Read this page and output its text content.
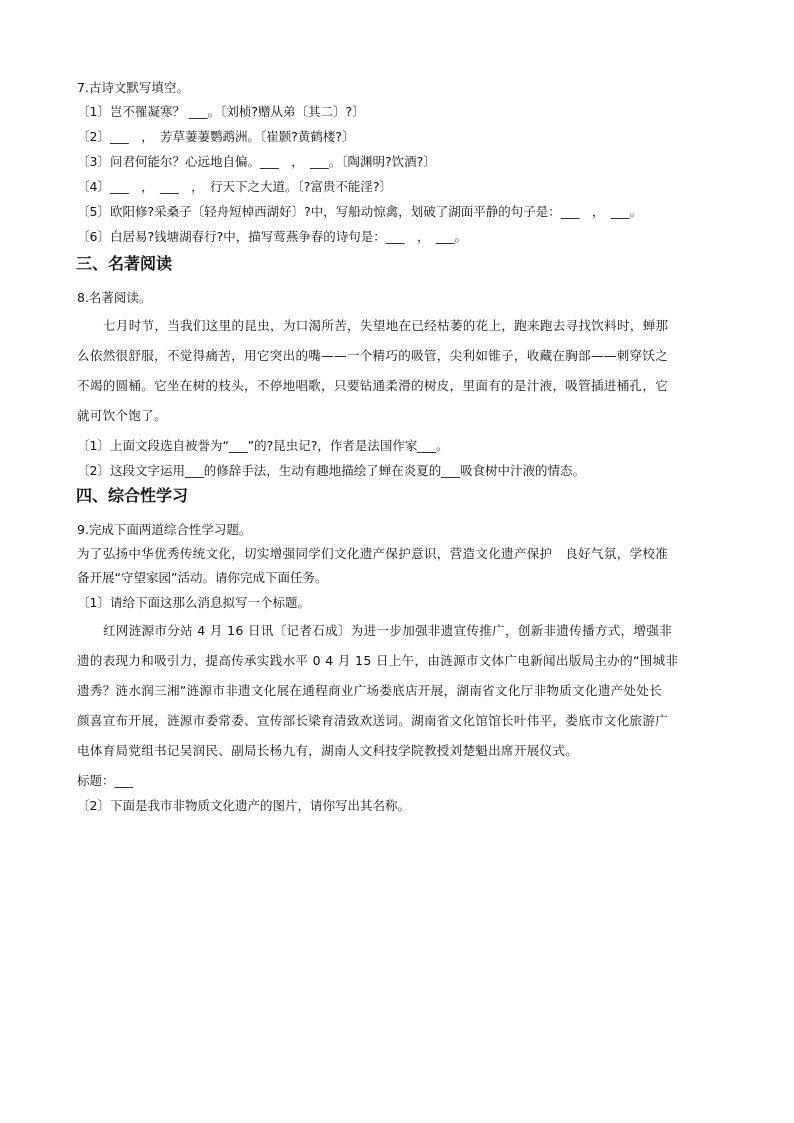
7.古诗文默写填空。
〔1〕岂不罹凝寒？ ___。〔刘桢?赠从弟〔其二〕?〕
〔2〕___　，　芳草萋萋鹦鹉洲。〔崔颢?黄鹤楼?〕
〔3〕问君何能尔？心远地自偏。___　，　___。〔陶渊明?饮酒?〕
〔4〕___　，　___　，　行天下之大道。〔?富贵不能淫?〕
〔5〕欧阳修?采桑子〔轻舟短棹西湖好〕?中，写船动惊禽，划破了湖面平静的句子是：___　，　___。
〔6〕白居易?钱塘湖春行?中，描写莺燕争春的诗句是：___　，　___。
三、名著阅读
8.名著阅读。
七月时节，当我们这里的昆虫，为口渴所苦，失望地在已经枯萎的花上，跑来跑去寻找饮料时，蝉那
么依然很舒服，不觉得痛苦，用它突出的嘴——一个精巧的吸管，尖利如锥子，收藏在胸部——刺穿饫之
不竭的圆桶。它坐在树的枝头，不停地唱歌，只要钻通柔滑的树皮，里面有的是汁液，吸管插进桶孔，它
就可饮个饱了。
〔1〕上面文段选自被誉为“___”的?昆虫记?，作者是法国作家___。
〔2〕这段文字运用___的修辞手法，生动有趣地描绘了蝉在炎夏的___吸食树中汁液的情态。
四、综合性学习
9.完成下面两道综合性学习题。
为了弘扬中华优秀传统文化，切实增强同学们文化遗产保护意识，营造文化遗产保护　良好气氛，学校准
备开展“守望家园”活动。请你完成下面任务。
〔1〕请给下面这那么消息拟写一个标题。
红网涟源市分站 4 月 16 日讯〔记者石成〕为进一步加强非遗宣传推广，创新非遗传播方式，增强非
遗的表现力和吸引力，提高传承实践水平 0 4 月 15 日上午，由涟源市文体广电新闻出版局主办的“围城非
遗秀？涟水润三湘”涟源市非遗文化展在通程商业广场娄底店开展，湖南省文化厅非物质文化遗产处处长
颜喜宣布开展，涟源市委常委、宣传部长梁育清致欢送词。湖南省文化馆馆长叶伟平，娄底市文化旅游广
电体育局党组书记吴润民、副局长杨九有，湖南人文科技学院教授刘楚魁出席开展仪式。
标题：___
〔2〕下面是我市非物质文化遗产的图片，请你写出其名称。
